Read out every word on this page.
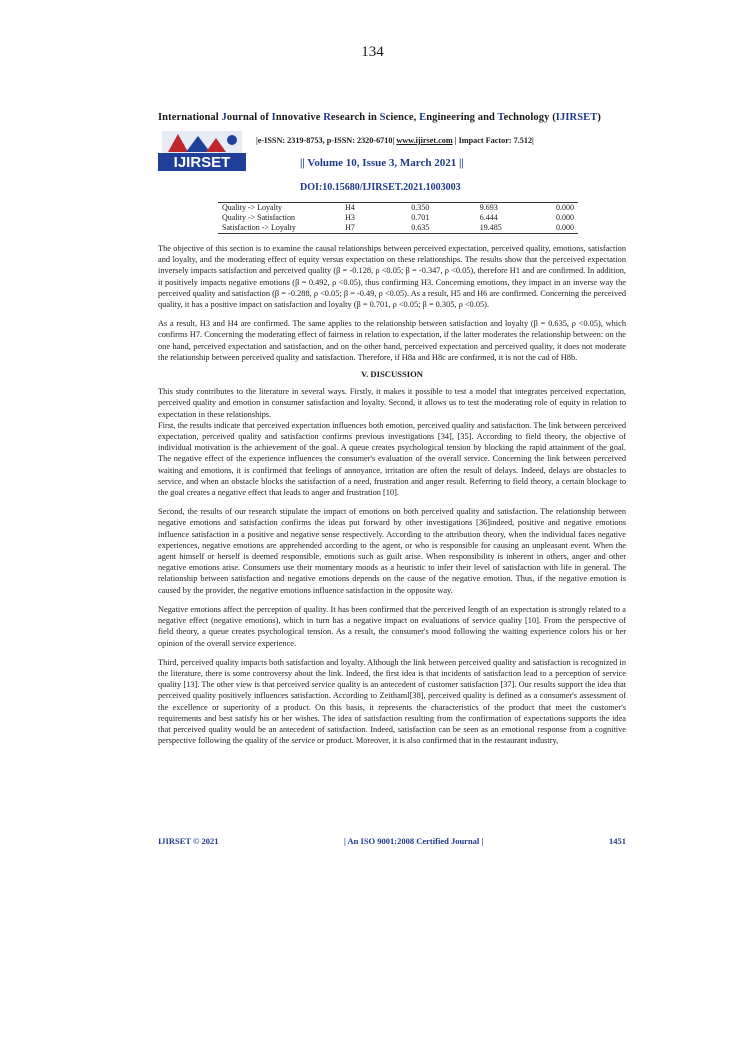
134
International Journal of Innovative Research in Science, Engineering and Technology (IJIRSET)
IJIRSET
|e-ISSN: 2319-8753, p-ISSN: 2320-6710| www.ijirset.com | Impact Factor: 7.512|
|| Volume 10, Issue 3, March 2021 ||
DOI:10.15680/IJIRSET.2021.1003003
Quality -> Loyalty	H4	0.350	9.693	0.000
Quality -> Satisfaction	H3	0.701	6.444	0.000
Satisfaction -> Loyalty	H7	0.635	19.485	0.000

The objective of this section is to examine the causal relationships between perceived expectation, perceived quality, emotions, satisfaction and loyalty, and the moderating effect of equity versus expectation on these relationships. The results show that the perceived expectation inversely impacts satisfaction and perceived quality (β = -0.128, ρ <0.05; β = -0.347, ρ <0.05), therefore H1 and are confirmed. In addition, it positively impacts negative emotions (β = 0.492, ρ <0.05), thus confirming H3. Concerning emotions, they impact in an inverse way the perceived quality and satisfaction (β = -0.288, ρ <0.05; β = -0.49, ρ <0.05). As a result, H5 and H6 are confirmed. Concerning the perceived quality, it has a positive impact on satisfaction and loyalty (β = 0.701, ρ <0.05; β = 0.305, ρ <0.05).

As a result, H3 and H4 are confirmed. The same applies to the relationship between satisfaction and loyalty (β = 0.635, ρ <0.05), which confirms H7. Concerning the moderating effect of fairness in relation to expectation, if the latter moderates the relationship between: on the one hand, perceived expectation and satisfaction, and on the other hand, perceived expectation and perceived quality, it does not moderate the relationship between perceived quality and satisfaction. Therefore, if H8a and H8c are confirmed, it is not the cad of H8b.

V. DISCUSSION

This study contributes to the literature in several ways. Firstly, it makes it possible to test a model that integrates perceived expectation, perceived quality and emotion in consumer satisfaction and loyalty. Second, it allows us to test the moderating role of equity in relation to expectation in these relationships.

First, the results indicate that perceived expectation influences both emotion, perceived quality and satisfaction. The link between perceived expectation, perceived quality and satisfaction confirms previous investigations [34], [35]. According to field theory, the objective of individual motivation is the achievement of the goal. A queue creates psychological tension by blocking the rapid attainment of the goal. The negative effect of the experience influences the consumer's evaluation of the overall service. Concerning the link between perceived waiting and emotions, it is confirmed that feelings of annoyance, irritation are often the result of delays. Indeed, delays are obstacles to service, and when an obstacle blocks the satisfaction of a need, frustration and anger result. Referring to field theory, a certain blockage to the goal creates a negative effect that leads to anger and frustration [10].

Second, the results of our research stipulate the impact of emotions on both perceived quality and satisfaction. The relationship between negative emotions and satisfaction confirms the ideas put forward by other investigations [36]indeed, positive and negative emotions influence satisfaction in a positive and negative sense respectively. According to the attribution theory, when the individual faces negative experiences, negative emotions are apprehended according to the agent, or who is responsible for causing an unpleasant event. When the agent himself or herself is deemed responsible, emotions such as guilt arise. When responsibility is inherent in others, anger and other negative emotions arise. Consumers use their momentary moods as a heuristic to infer their level of satisfaction with life in general. The relationship between satisfaction and negative emotions depends on the cause of the negative emotion. Thus, if the negative emotion is caused by the provider, the negative emotions influence satisfaction in the opposite way.

Negative emotions affect the perception of quality. It has been confirmed that the perceived length of an expectation is strongly related to a negative effect (negative emotions), which in turn has a negative impact on evaluations of service quality [10]. From the perspective of field theory, a queue creates psychological tension. As a result, the consumer's mood following the waiting experience colors his or her opinion of the overall service experience.

Third, perceived quality impacts both satisfaction and loyalty. Although the link between perceived quality and satisfaction is recognized in the literature, there is some controversy about the link. Indeed, the first idea is that incidents of satisfaction lead to a perception of service quality [13]. The other view is that perceived service quality is an antecedent of customer satisfaction [37]. Our results support the idea that perceived quality positively influences satisfaction. According to Zeithaml[38], perceived quality is defined as a consumer's assessment of the excellence or superiority of a product. On this basis, it represents the characteristics of the product that meet the customer's requirements and best satisfy his or her wishes. The idea of satisfaction resulting from the confirmation of expectations supports the idea that perceived quality would be an antecedent of satisfaction. Indeed, satisfaction can be seen as an emotional response from a cognitive perspective following the quality of the service or product. Moreover, it is also confirmed that in the restaurant industry,

IJIRSET © 2021	| An ISO 9001:2008 Certified Journal |	1451
